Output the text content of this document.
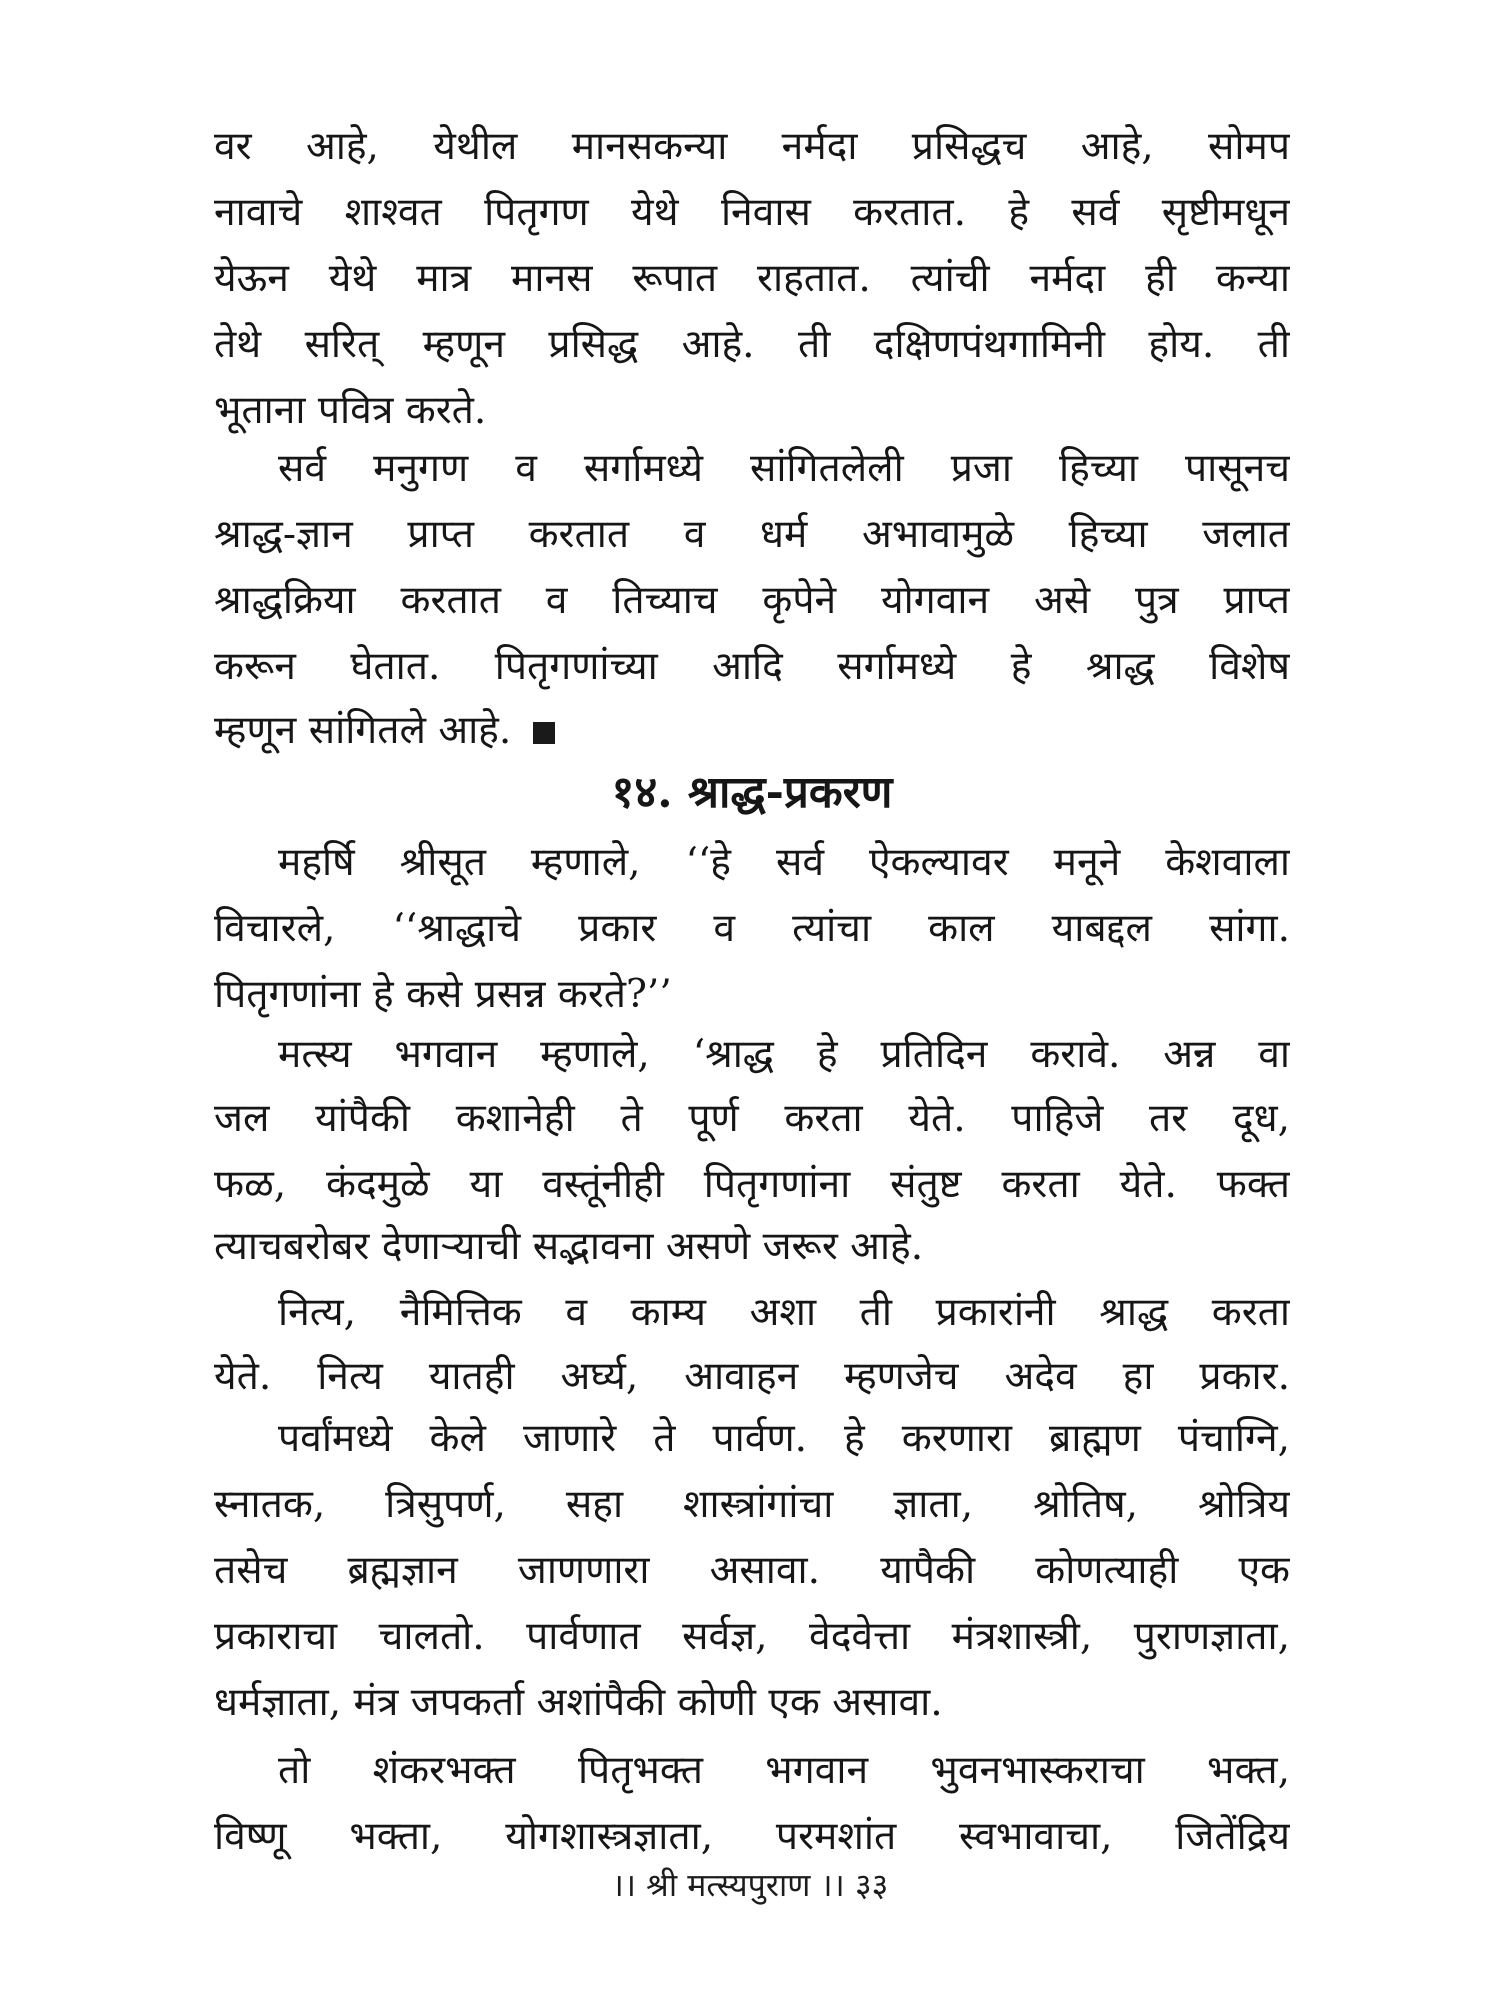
वर आहे, येथील मानसकन्या नर्मदा प्रसिद्धच आहे, सोमप
नावाचे शाश्वत पितृगण येथे निवास करतात. हे सर्व सृष्टीमधून
येऊन येथे मात्र मानस रूपात राहतात. त्यांची नर्मदा ही कन्या
तेथे सरित् म्हणून प्रसिद्ध आहे. ती दक्षिणपंथगामिनी होय. ती
भूताना पवित्र करते.
सर्व मनुगण व सर्गामध्ये सांगितलेली प्रजा हिच्या पासूनच
श्राद्ध-ज्ञान प्राप्त करतात व धर्म अभावामुळे हिच्या जलात
श्राद्धक्रिया करतात व तिच्याच कृपेने योगवान असे पुत्र प्राप्त
करून घेतात. पितृगणांच्या आदि सर्गामध्ये हे श्राद्ध विशेष
म्हणून सांगितले आहे.
१४. श्राद्ध-प्रकरण
महर्षि श्रीसूत म्हणाले, ‘‘हे सर्व ऐकल्यावर मनूने केशवाला
विचारले, ‘‘श्राद्धाचे प्रकार व त्यांचा काल याबद्दल सांगा.
पितृगणांना हे कसे प्रसन्न करते?’’
मत्स्य भगवान म्हणाले, ‘श्राद्ध हे प्रतिदिन करावे. अन्न वा
जल यांपैकी कशानेही ते पूर्ण करता येते. पाहिजे तर दूध,
फळ, कंदमुळे या वस्तूंनीही पितृगणांना संतुष्ट करता येते. फक्त
त्याचबरोबर देणाऱ्याची सद्भावना असणे जरूर आहे.
नित्य, नैमित्तिक व काम्य अशा ती प्रकारांनी श्राद्ध करता
येते. नित्य यातही अर्घ्य, आवाहन म्हणजेच अदेव हा प्रकार.
पर्वांमध्ये केले जाणारे ते पार्वण. हे करणारा ब्राह्मण पंचाग्नि,
स्नातक, त्रिसुपर्ण, सहा शास्त्रांगांचा ज्ञाता, श्रोतिष, श्रोत्रिय
तसेच ब्रह्मज्ञान जाणणारा असावा. यापैकी कोणत्याही एक
प्रकाराचा चालतो. पार्वणात सर्वज्ञ, वेदवेत्ता मंत्रशास्त्री, पुराणज्ञाता,
धर्मज्ञाता, मंत्र जपकर्ता अशांपैकी कोणी एक असावा.
तो शंकरभक्त पितृभक्त भगवान भुवनभास्कराचा भक्त,
विष्णू भक्ता, योगशास्त्रज्ञाता, परमशांत स्वभावाचा, जितेंद्रिय
।। श्री मत्स्यपुराण ।। ३३
